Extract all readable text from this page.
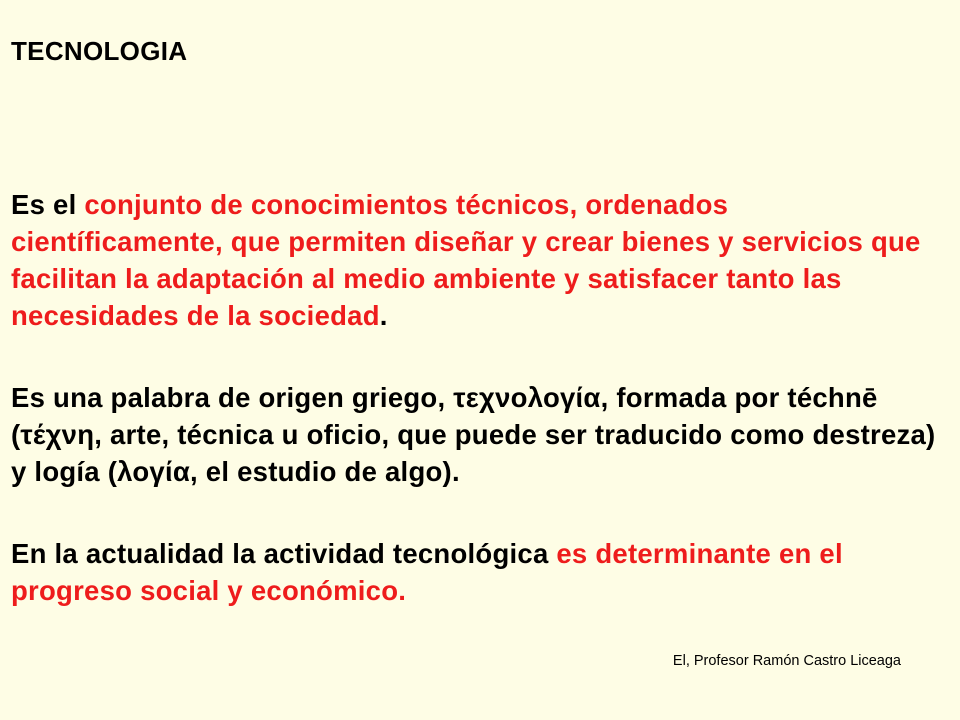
TECNOLOGIA

Es el conjunto de conocimientos técnicos, ordenados científicamente, que permiten diseñar y crear bienes y servicios que facilitan la adaptación al medio ambiente y satisfacer tanto las necesidades de la sociedad.

Es una palabra de origen griego, τεχνολογία, formada por téchnē (τέχνη, arte, técnica u oficio, que puede ser traducido como destreza) y logía (λογία, el estudio de algo).

En la actualidad la actividad tecnológica es determinante en el progreso social y económico.

El, Profesor Ramón Castro Liceaga
